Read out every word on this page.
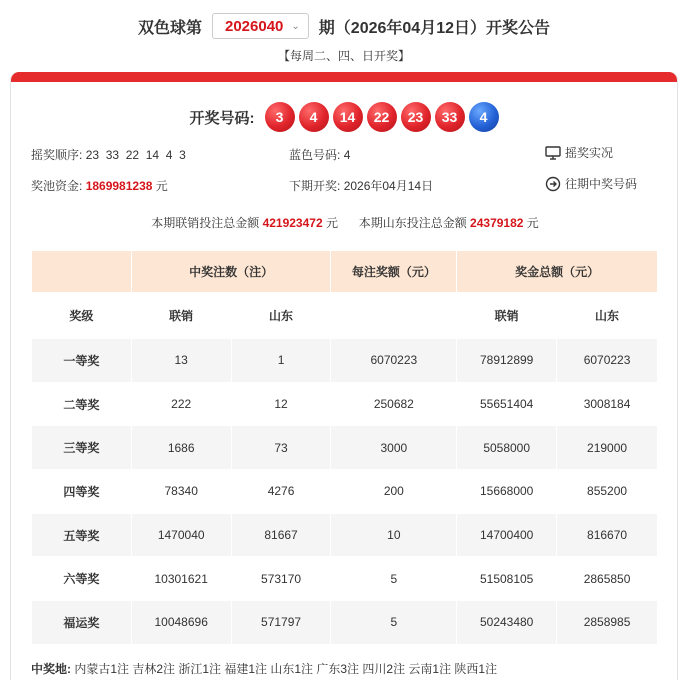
双色球第 2026040 ⌄ 期（2026年04月12日）开奖公告
【每周二、四、日开奖】
开奖号码:	3	4	14	22	23	33	4
摇奖顺序: 23  33  22  14  4  3	蓝色号码: 4	摇奖实况
奖池资金: 1869981238 元	下期开奖: 2026年04月14日	往期中奖号码
本期联销投注总金额 421923472 元 本期山东投注总金额 24379182 元
	中奖注数（注）		每注奖额（元）	奖金总额（元）	
奖级	联销	山东		联销	山东
一等奖	13	1	6070223	78912899	6070223
二等奖	222	12	250682	55651404	3008184
三等奖	1686	73	3000	5058000	219000
四等奖	78340	4276	200	15668000	855200
五等奖	1470040	81667	10	14700400	816670
六等奖	10301621	573170	5	51508105	2865850
福运奖	10048696	571797	5	50243480	2858985
中奖地: 内蒙古1注 吉林2注 浙江1注 福建1注 山东1注 广东3注 四川2注 云南1注 陕西1注
